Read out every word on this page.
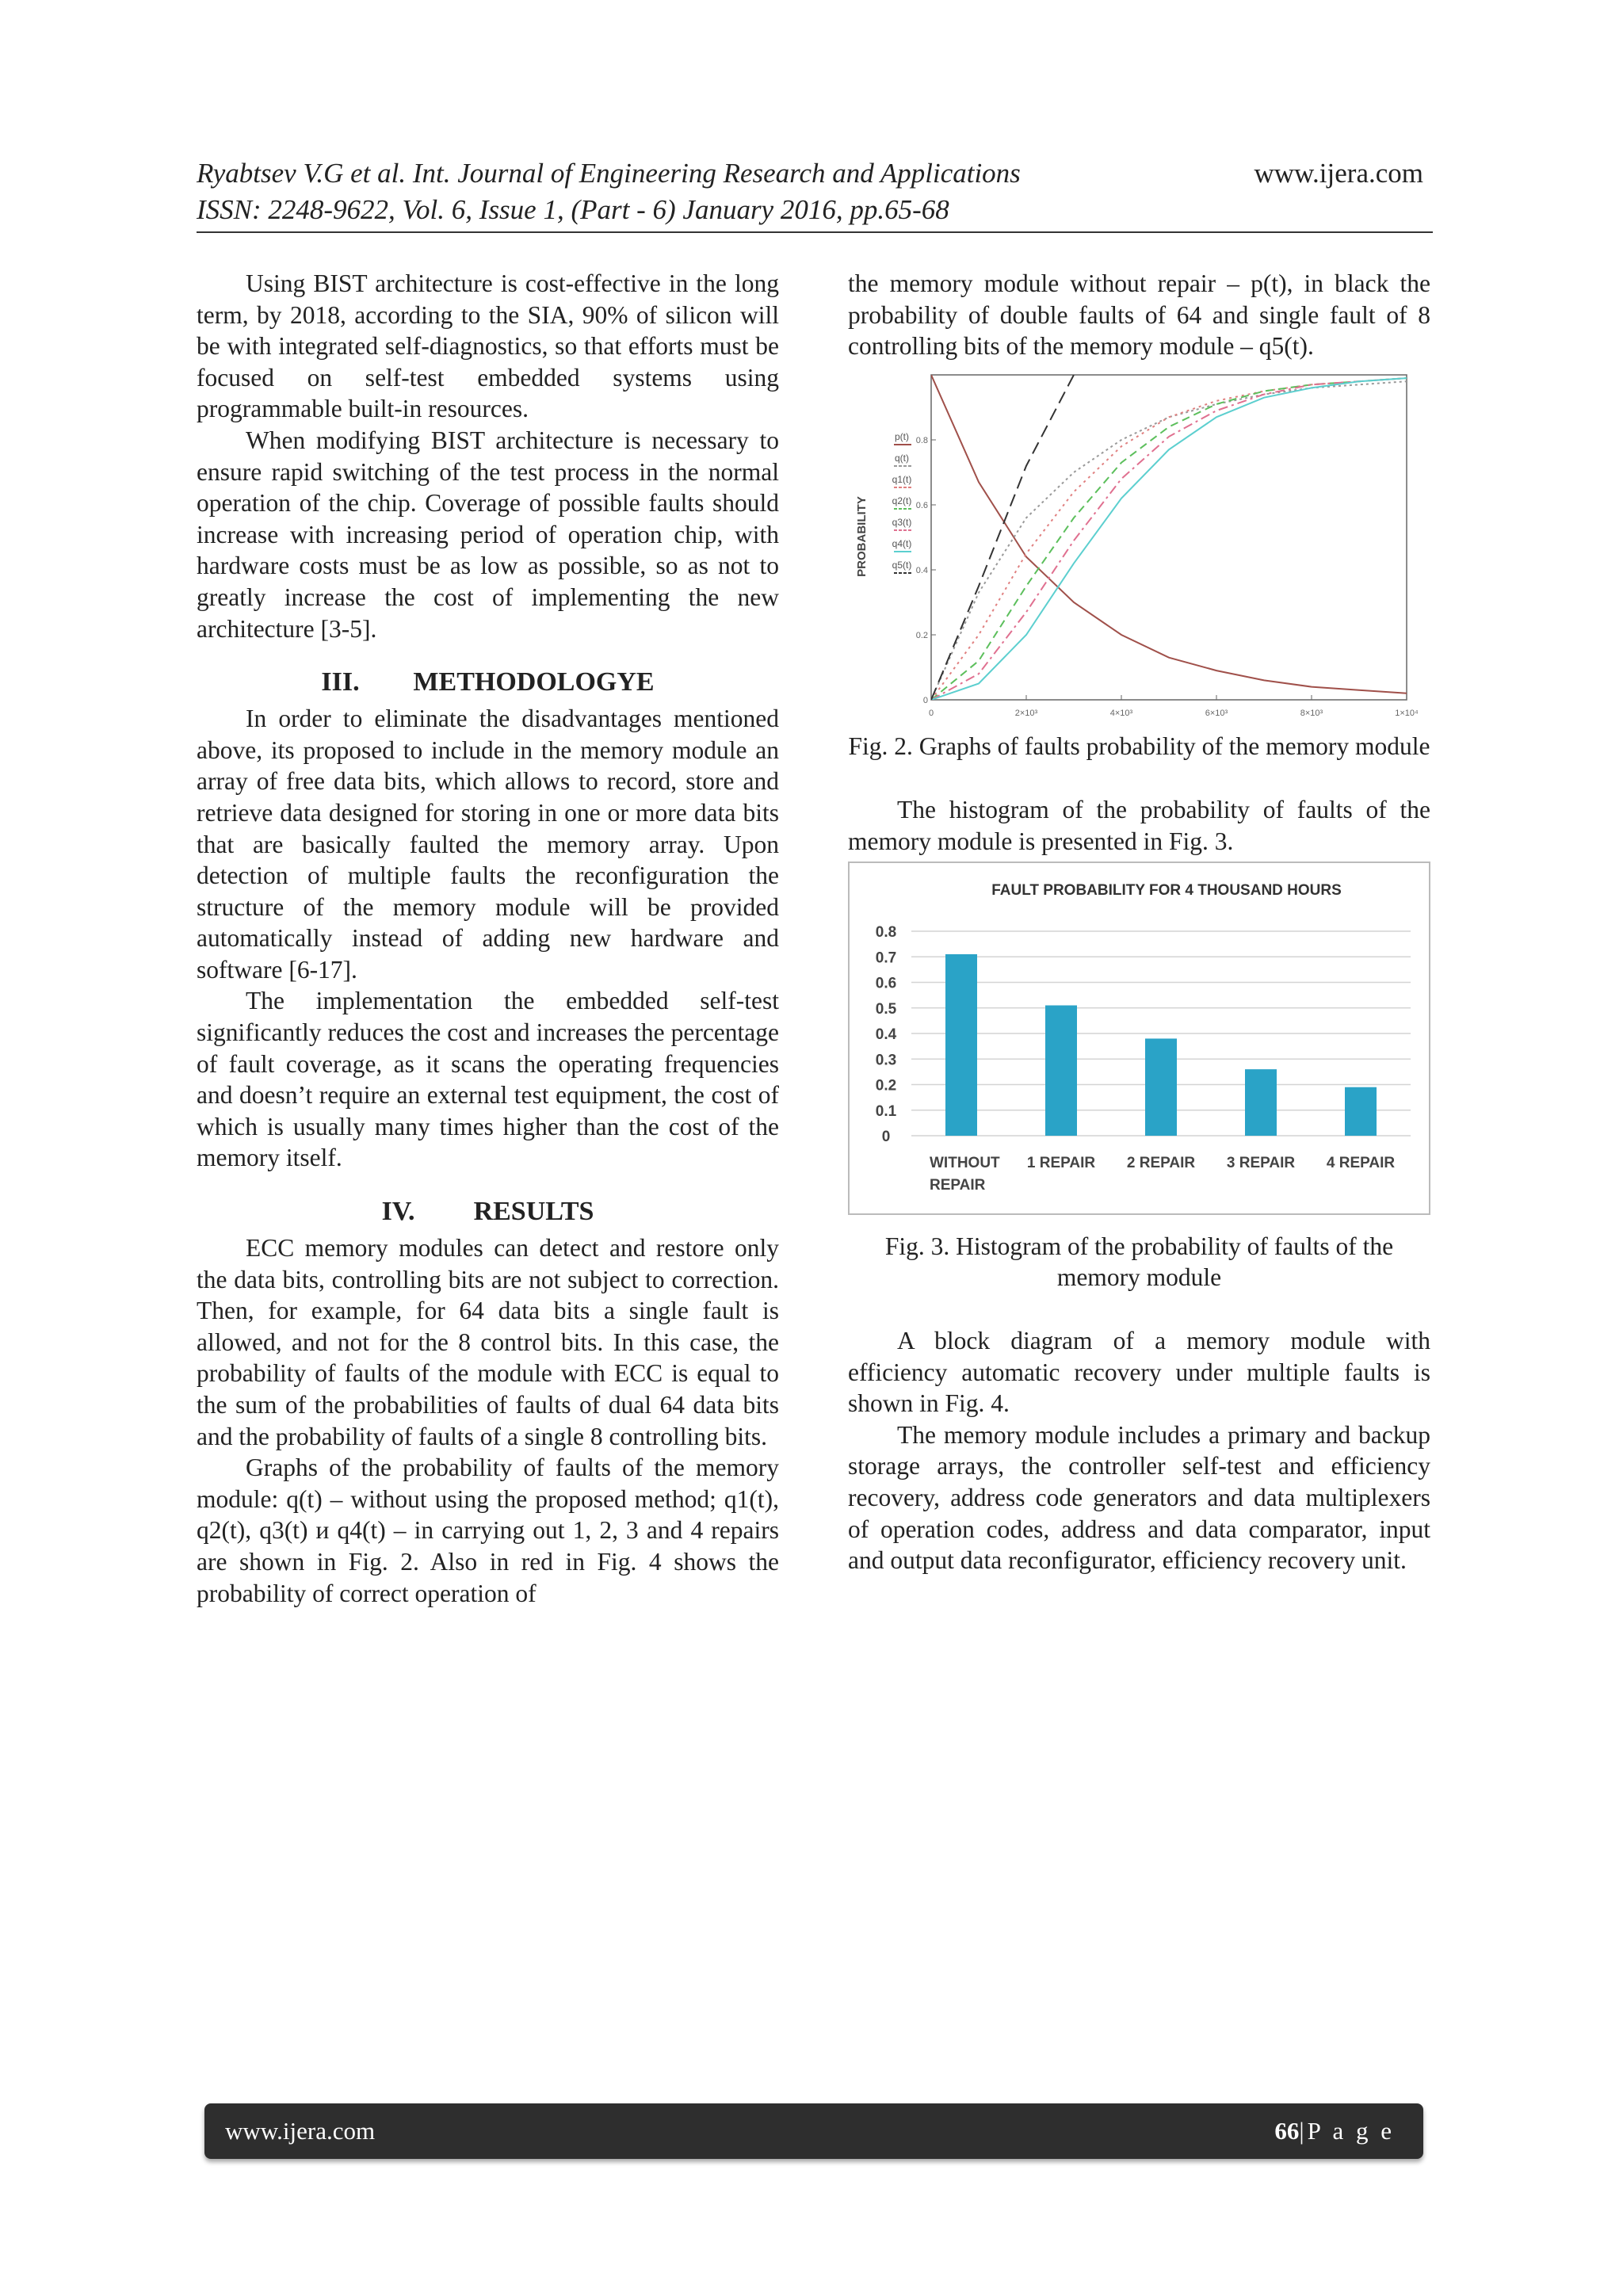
Ryabtsev V.G et al. Int. Journal of Engineering Research and Applications	www.ijera.com
ISSN: 2248-9622, Vol. 6, Issue 1, (Part - 6) January 2016, pp.65-68

Using BIST architecture is cost-effective in the long term, by 2018, according to the SIA, 90% of silicon will be with integrated self-diagnostics, so that efforts must be focused on self-test embedded systems using programmable built-in resources.

When modifying BIST architecture is necessary to ensure rapid switching of the test process in the normal operation of the chip. Coverage of possible faults should increase with increasing period of operation chip, with hardware costs must be as low as possible, so as not to greatly increase the cost of implementing the new architecture [3-5].

III. METHODOLOGYE

In order to eliminate the disadvantages mentioned above, its proposed to include in the memory module an array of free data bits, which allows to record, store and retrieve data designed for storing in one or more data bits that are basically faulted the memory array. Upon detection of multiple faults the reconfiguration the structure of the memory module will be provided automatically instead of adding new hardware and software [6-17].

The implementation the embedded self-test significantly reduces the cost and increases the percentage of fault coverage, as it scans the operating frequencies and doesn’t require an external test equipment, the cost of which is usually many times higher than the cost of the memory itself.

IV. RESULTS

ECC memory modules can detect and restore only the data bits, controlling bits are not subject to correction. Then, for example, for 64 data bits a single fault is allowed, and not for the 8 control bits. In this case, the probability of faults of the module with ECC is equal to the sum of the probabilities of faults of dual 64 data bits and the probability of faults of a single 8 controlling bits.

Graphs of the probability of faults of the memory module: q(t) – without using the proposed method; q1(t), q2(t), q3(t) и q4(t) – in carrying out 1, 2, 3 and 4 repairs are shown in Fig. 2. Also in red in Fig. 4 shows the probability of correct operation of

the memory module without repair – p(t), in black the probability of double faults of 64 and single fault of 8 controlling bits of the memory module – q5(t).

PROBABILITY
0
0.2
0.4
0.6
0.8
0	2×10³	4×10³	6×10³	8×10³	1×10⁴
p(t)
q(t)
q1(t)
q2(t)
q3(t)
q4(t)
q5(t)
Fig. 2. Graphs of faults probability of the memory module

The histogram of the probability of faults of the memory module is presented in Fig. 3.

FAULT PROBABILITY FOR 4 THOUSAND HOURS
0
0.1
0.2
0.3
0.4
0.5
0.6
0.7
0.8
WITHOUT
REPAIR
1 REPAIR 2 REPAIR 3 REPAIR 4 REPAIR
Fig. 3. Histogram of the probability of faults of the memory module

A block diagram of a memory module with efficiency automatic recovery under multiple faults is shown in Fig. 4.

The memory module includes a primary and backup storage arrays, the controller self-test and efficiency recovery, address code generators and data multiplexers of operation codes, address and data comparator, input and output data reconfigurator, efficiency recovery unit.

www.ijera.com	66|P a g e
